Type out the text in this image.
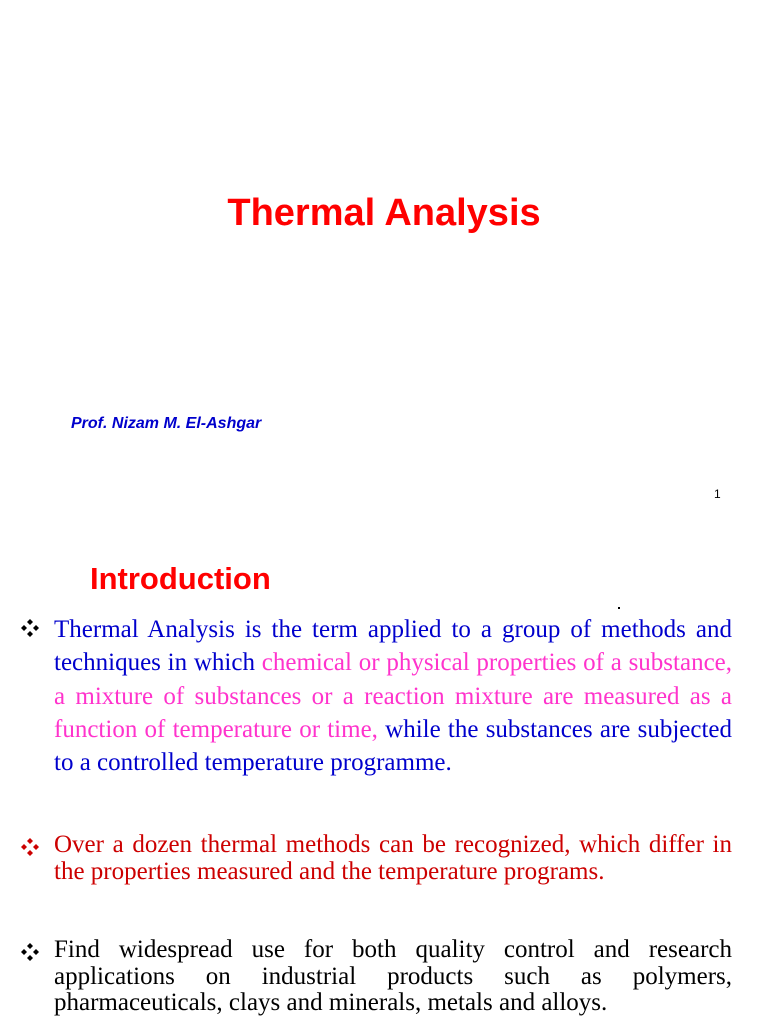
Thermal Analysis
Prof. Nizam M. El-Ashgar
1
Introduction
Thermal Analysis is the term applied to a group of methods and techniques in which chemical or physical properties of a substance, a mixture of substances or a reaction mixture are measured as a function of temperature or time, while the substances are subjected to a controlled temperature programme.
Over a dozen thermal methods can be recognized, which differ in the properties measured and the temperature programs.
Find widespread use for both quality control and research applications on industrial products such as polymers, pharmaceuticals, clays and minerals, metals and alloys.
